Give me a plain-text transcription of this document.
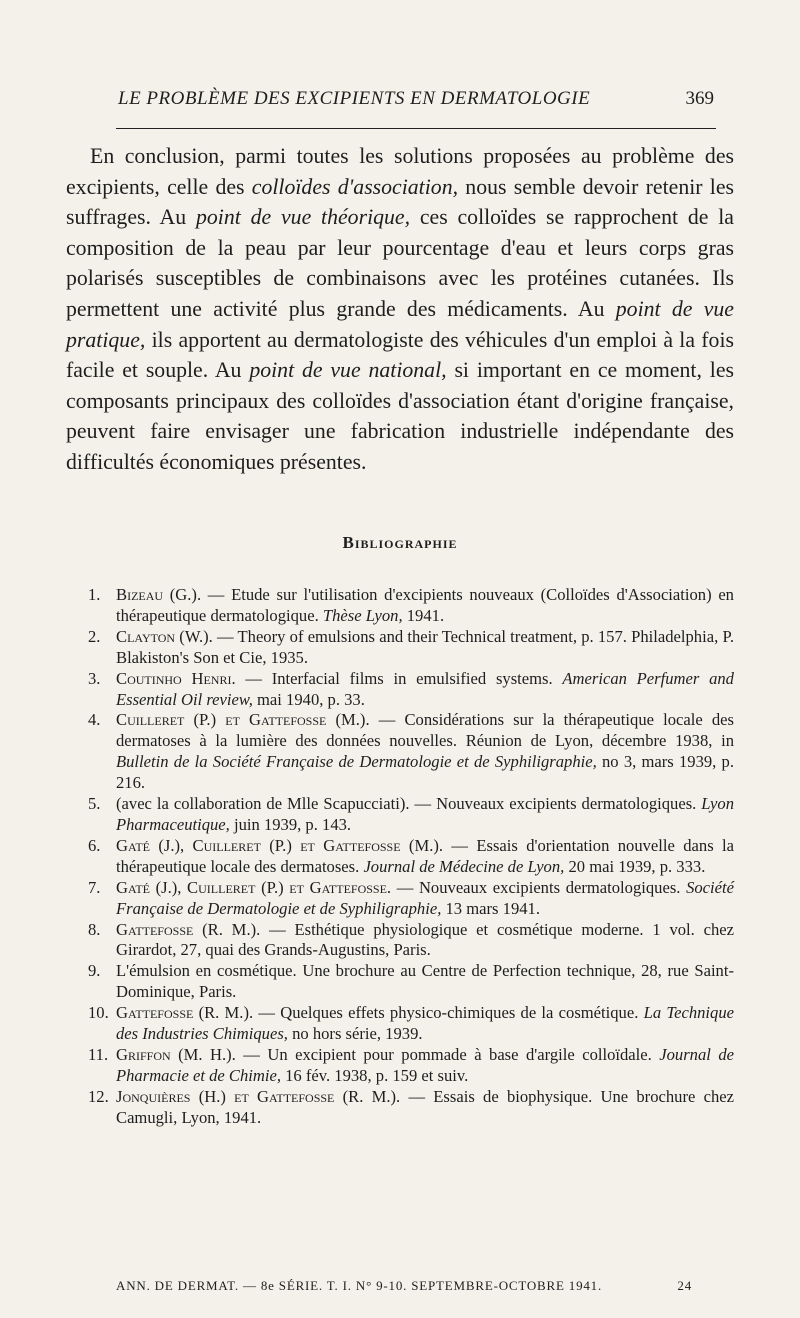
LE PROBLÈME DES EXCIPIENTS EN DERMATOLOGIE	369

En conclusion, parmi toutes les solutions proposées au problème des excipients, celle des colloïdes d'association, nous semble devoir retenir les suffrages. Au point de vue théorique, ces colloïdes se rapprochent de la composition de la peau par leur pourcentage d'eau et leurs corps gras polarisés susceptibles de combinaisons avec les protéines cutanées. Ils permettent une activité plus grande des médicaments. Au point de vue pratique, ils apportent au dermatologiste des véhicules d'un emploi à la fois facile et souple. Au point de vue national, si important en ce moment, les composants principaux des colloïdes d'association étant d'origine française, peuvent faire envisager une fabrication industrielle indépendante des difficultés économiques présentes.

Bibliographie
1. Bizeau (G.). — Etude sur l'utilisation d'excipients nouveaux (Colloïdes d'Association) en thérapeutique dermatologique. Thèse Lyon, 1941.
2. Clayton (W.). — Theory of emulsions and their Technical treatment, p. 157. Philadelphia, P. Blakiston's Son et Cie, 1935.
3. Coutinho Henri. — Interfacial films in emulsified systems. American Perfumer and Essential Oil review, mai 1940, p. 33.
4. Cuilleret (P.) et Gattefosse (M.). — Considérations sur la thérapeutique locale des dermatoses à la lumière des données nouvelles. Réunion de Lyon, décembre 1938, in Bulletin de la Société Française de Dermatologie et de Syphiligraphie, no 3, mars 1939, p. 216.
5. (avec la collaboration de Mlle Scapucciati). — Nouveaux excipients dermatologiques. Lyon Pharmaceutique, juin 1939, p. 143.
6. Gaté (J.), Cuilleret (P.) et Gattefosse (M.). — Essais d'orientation nouvelle dans la thérapeutique locale des dermatoses. Journal de Médecine de Lyon, 20 mai 1939, p. 333.
7. Gaté (J.), Cuilleret (P.) et Gattefosse. — Nouveaux excipients dermatologiques. Société Française de Dermatologie et de Syphiligraphie, 13 mars 1941.
8. Gattefosse (R. M.). — Esthétique physiologique et cosmétique moderne. 1 vol. chez Girardot, 27, quai des Grands-Augustins, Paris.
9. L'émulsion en cosmétique. Une brochure au Centre de Perfection technique, 28, rue Saint-Dominique, Paris.
10. Gattefosse (R. M.). — Quelques effets physico-chimiques de la cosmétique. La Technique des Industries Chimiques, no hors série, 1939.
11. Griffon (M. H.). — Un excipient pour pommade à base d'argile colloïdale. Journal de Pharmacie et de Chimie, 16 fév. 1938, p. 159 et suiv.
12. Jonquières (H.) et Gattefosse (R. M.). — Essais de biophysique. Une brochure chez Camugli, Lyon, 1941.
ANN. DE DERMAT. — 8e SÉRIE. T. I. N° 9-10. SEPTEMBRE-OCTOBRE 1941.	24
